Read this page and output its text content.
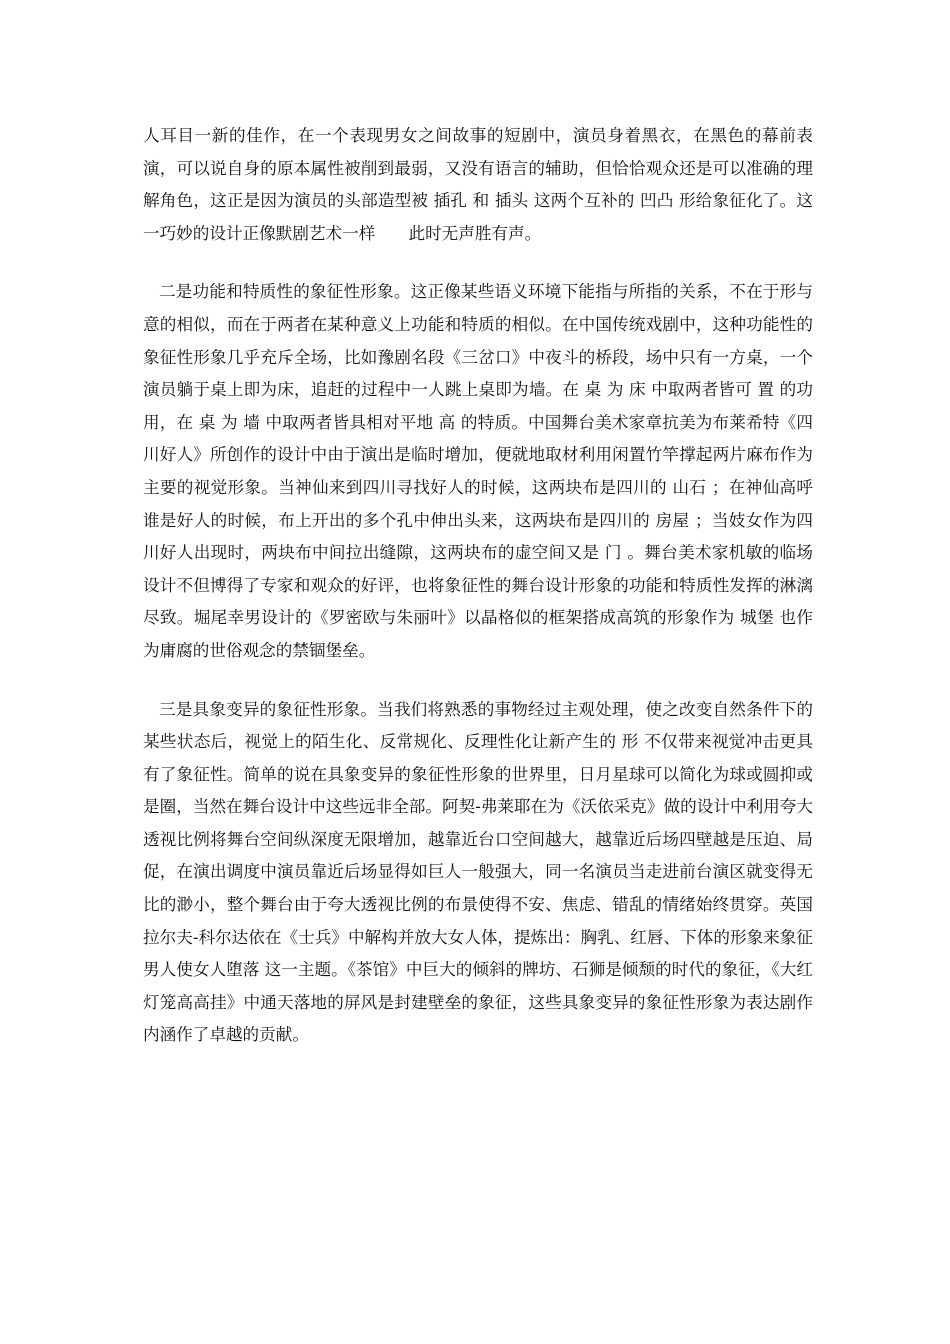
人耳目一新的佳作，在一个表现男女之间故事的短剧中，演员身着黑衣，在黑色的幕前表演，可以说自身的原本属性被削到最弱，又没有语言的辅助，但恰恰观众还是可以准确的理解角色，这正是因为演员的头部造型被 插孔 和 插头 这两个互补的 凹凸 形给象征化了。这一巧妙的设计正像默剧艺术一样　　此时无声胜有声。

二是功能和特质性的象征性形象。这正像某些语义环境下能指与所指的关系，不在于形与意的相似，而在于两者在某种意义上功能和特质的相似。在中国传统戏剧中，这种功能性的象征性形象几乎充斥全场，比如豫剧名段《三岔口》中夜斗的桥段，场中只有一方桌，一个演员躺于桌上即为床，追赶的过程中一人跳上桌即为墙。在 桌 为 床 中取两者皆可 置 的功用，在 桌 为 墙 中取两者皆具相对平地 高 的特质。中国舞台美术家章抗美为布莱希特《四川好人》所创作的设计中由于演出是临时增加，便就地取材利用闲置竹竿撑起两片麻布作为主要的视觉形象。当神仙来到四川寻找好人的时候，这两块布是四川的 山石 ；在神仙高呼谁是好人的时候，布上开出的多个孔中伸出头来，这两块布是四川的 房屋 ；当妓女作为四川好人出现时，两块布中间拉出缝隙，这两块布的虚空间又是 门 。舞台美术家机敏的临场设计不但博得了专家和观众的好评，也将象征性的舞台设计形象的功能和特质性发挥的淋漓尽致。堀尾幸男设计的《罗密欧与朱丽叶》以晶格似的框架搭成高筑的形象作为 城堡 也作为庸腐的世俗观念的禁锢堡垒。

三是具象变异的象征性形象。当我们将熟悉的事物经过主观处理，使之改变自然条件下的某些状态后，视觉上的陌生化、反常规化、反理性化让新产生的 形 不仅带来视觉冲击更具有了象征性。简单的说在具象变异的象征性形象的世界里，日月星球可以简化为球或圆抑或是圈，当然在舞台设计中这些远非全部。阿契-弗莱耶在为《沃依采克》做的设计中利用夸大透视比例将舞台空间纵深度无限增加，越靠近台口空间越大，越靠近后场四壁越是压迫、局促，在演出调度中演员靠近后场显得如巨人一般强大，同一名演员当走进前台演区就变得无比的渺小，整个舞台由于夸大透视比例的布景使得不安、焦虑、错乱的情绪始终贯穿。英国拉尔夫-科尔达依在《士兵》中解构并放大女人体，提炼出：胸乳、红唇、下体的形象来象征 男人使女人堕落 这一主题。《茶馆》中巨大的倾斜的牌坊、石狮是倾颓的时代的象征，《大红灯笼高高挂》中通天落地的屏风是封建壁垒的象征，这些具象变异的象征性形象为表达剧作内涵作了卓越的贡献。
